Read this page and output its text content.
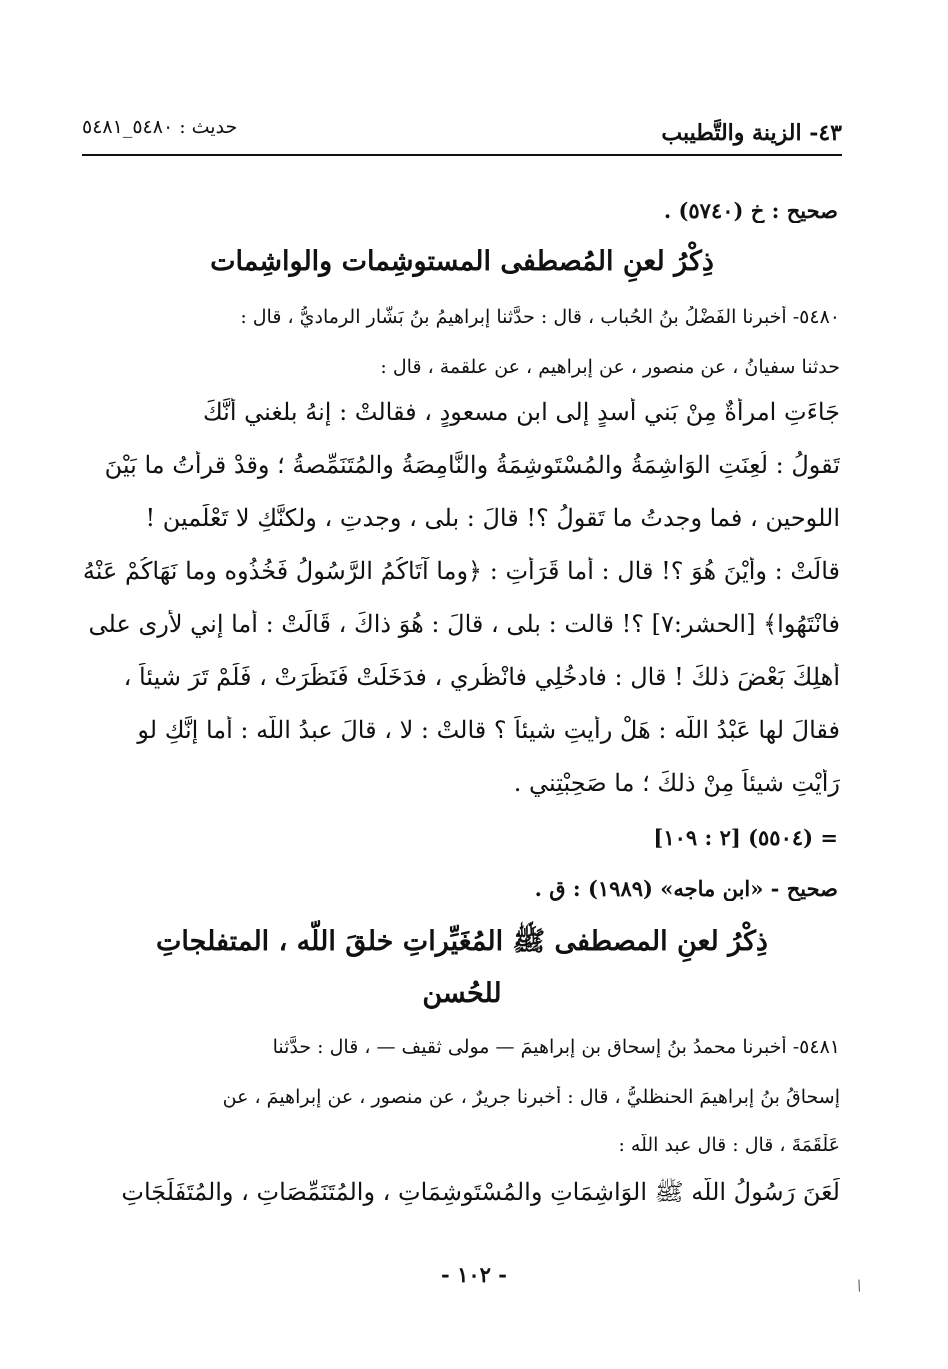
٤٣- الزينة والتَّطيبب
حديث : ٥٤٨٠_٥٤٨١
صحيح : خ (٥٧٤٠) .
ذِكْرُ لعنِ المُصطفى المستوشِمات والواشِمات
٥٤٨٠- أخبرنا الفَضْلُ بنُ الحُباب ، قال : حدَّثنا إبراهيمُ بنُ بَشَّار الرماديُّ ، قال :
حدثنا سفيانُ ، عن منصورٍ ، عن إبراهيم ، عن علقمة ، قال :
جَاءَتِ امرأةٌ مِنْ بَني أسدٍ إلى ابنِ مسعودٍ ، فقالتْ : إنهُ بلغني أنَّكَ
تَقولُ : لُعِنَتِ الوَاشِمَةُ والمُسْتَوشِمَةُ والنَّامِصَةُ والمُتَنَمِّصةُ ؛ وقدْ قرأتُ ما بَيْنَ
اللوحين ، فما وجدتُ ما تَقولُ ؟! قالَ : بلى ، وجدتِ ، ولكنَّكِ لا تَعْلَمين !
قالَتْ : وأَيْنَ هُوَ ؟! قال : أما قَرَأْتِ : ﴿وما آتَاكُمُ الرَّسُولُ فَخُذُوه وما نَهَاكُمْ عَنْهُ
فانْتَهُوا﴾ [الحشر:٧] ؟! قالت : بلى ، قالَ : هُوَ ذاكَ ، قَالَتْ : أما إني لأرى على
أهلِكَ بَعْضَ ذلكَ ! قال : فادخُلِي فانْظُري ، فدَخَلَتْ فَنَظَرَتْ ، فَلَمْ تَرَ شيئاً ،
فقالَ لها عَبْدُ اللّه : هَلْ رأيتِ شيئاً ؟ قالتْ : لا ، قالَ عبدُ اللّه : أما إنَّكِ لو
رَأَيْتِ شيئاً مِنْ ذلكَ ؛ ما صَحِبْتِني .
= (٥٥٠٤) [٢ : ١٠٩]
صحيح - «ابن ماجه» (١٩٨٩) : ق .
ذِكْرُ لعنِ المصطفى ﷺ المُغَيِّراتِ خلقَ اللّه ، المتفلجاتِ
للحُسن
٥٤٨١- أخبرنا محمدُ بنُ إسحاق بن إبراهيمَ — مولى ثقيف — ، قال : حدَّثنا
إسحاقُ بنُ إبراهيمَ الحنظليُّ ، قال : أخبرنا جريرٌ ، عن منصورٍ ، عن إبراهيمَ ، عن
عَلْقَمَةَ ، قال : قال عبد اللّه :
لَعَنَ رَسُولُ اللّه ﷺ الوَاشِمَاتِ والمُسْتَوشِمَاتِ ، والمُتَنَمِّصَاتِ ، والمُتَفَلِّجَاتِ
- ١٠٢ -	/
